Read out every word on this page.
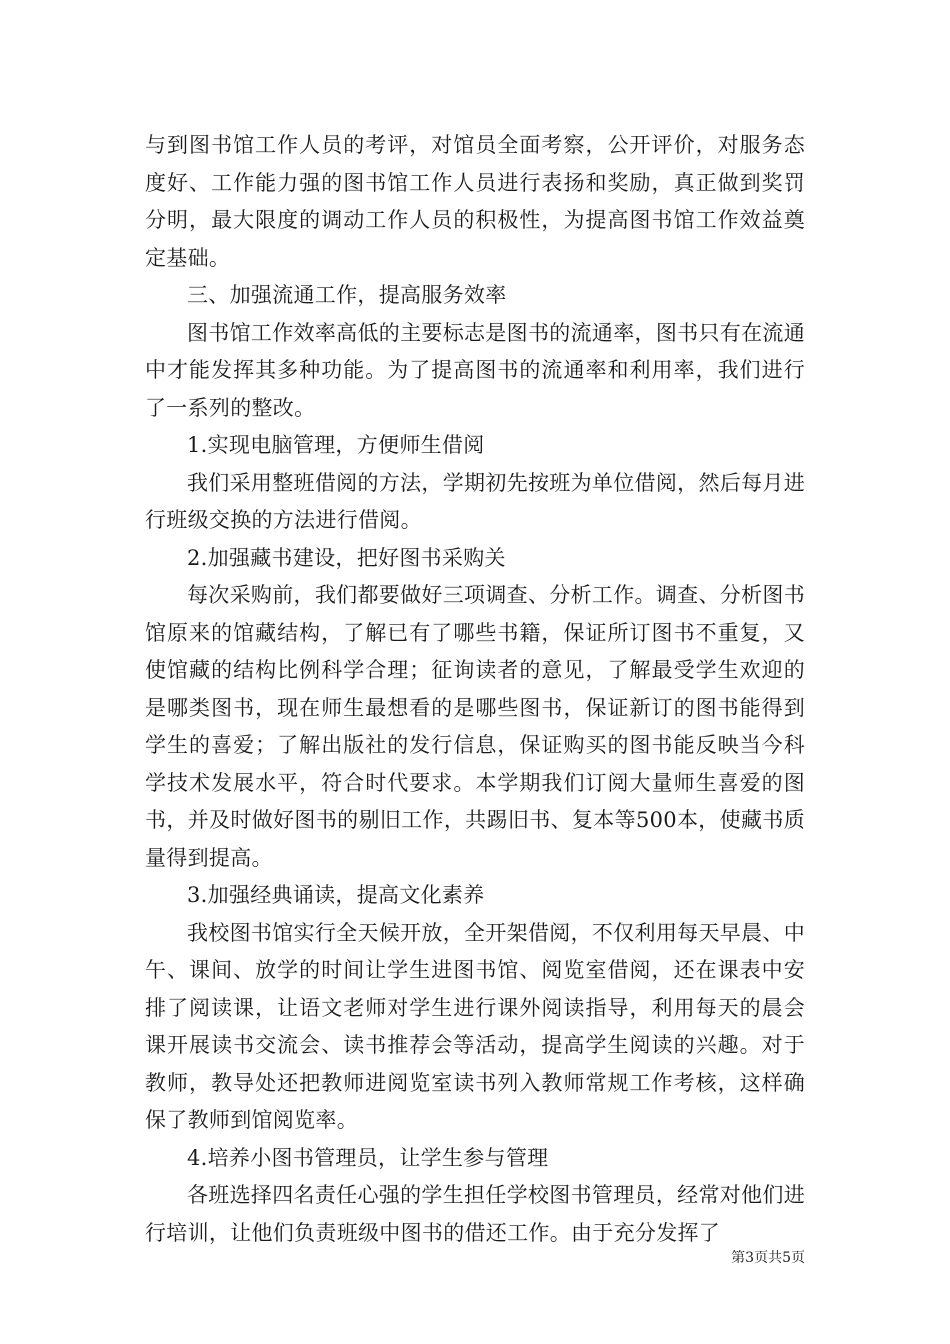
与到图书馆工作人员的考评，对馆员全面考察，公开评价，对服务态度好、工作能力强的图书馆工作人员进行表扬和奖励，真正做到奖罚分明，最大限度的调动工作人员的积极性，为提高图书馆工作效益奠定基础。

三、加强流通工作，提高服务效率

图书馆工作效率高低的主要标志是图书的流通率，图书只有在流通中才能发挥其多种功能。为了提高图书的流通率和利用率，我们进行了一系列的整改。

1.实现电脑管理，方便师生借阅

我们采用整班借阅的方法，学期初先按班为单位借阅，然后每月进行班级交换的方法进行借阅。

2.加强藏书建设，把好图书采购关

每次采购前，我们都要做好三项调查、分析工作。调查、分析图书馆原来的馆藏结构，了解已有了哪些书籍，保证所订图书不重复，又使馆藏的结构比例科学合理；征询读者的意见，了解最受学生欢迎的是哪类图书，现在师生最想看的是哪些图书，保证新订的图书能得到学生的喜爱；了解出版社的发行信息，保证购买的图书能反映当今科学技术发展水平，符合时代要求。本学期我们订阅大量师生喜爱的图书，并及时做好图书的剔旧工作，共踢旧书、复本等500本，使藏书质量得到提高。

3.加强经典诵读，提高文化素养

我校图书馆实行全天候开放，全开架借阅，不仅利用每天早晨、中午、课间、放学的时间让学生进图书馆、阅览室借阅，还在课表中安排了阅读课，让语文老师对学生进行课外阅读指导，利用每天的晨会课开展读书交流会、读书推荐会等活动，提高学生阅读的兴趣。对于教师，教导处还把教师进阅览室读书列入教师常规工作考核，这样确保了教师到馆阅览率。

4.培养小图书管理员，让学生参与管理

各班选择四名责任心强的学生担任学校图书管理员，经常对他们进行培训，让他们负责班级中图书的借还工作。由于充分发挥了

第3页共5页
